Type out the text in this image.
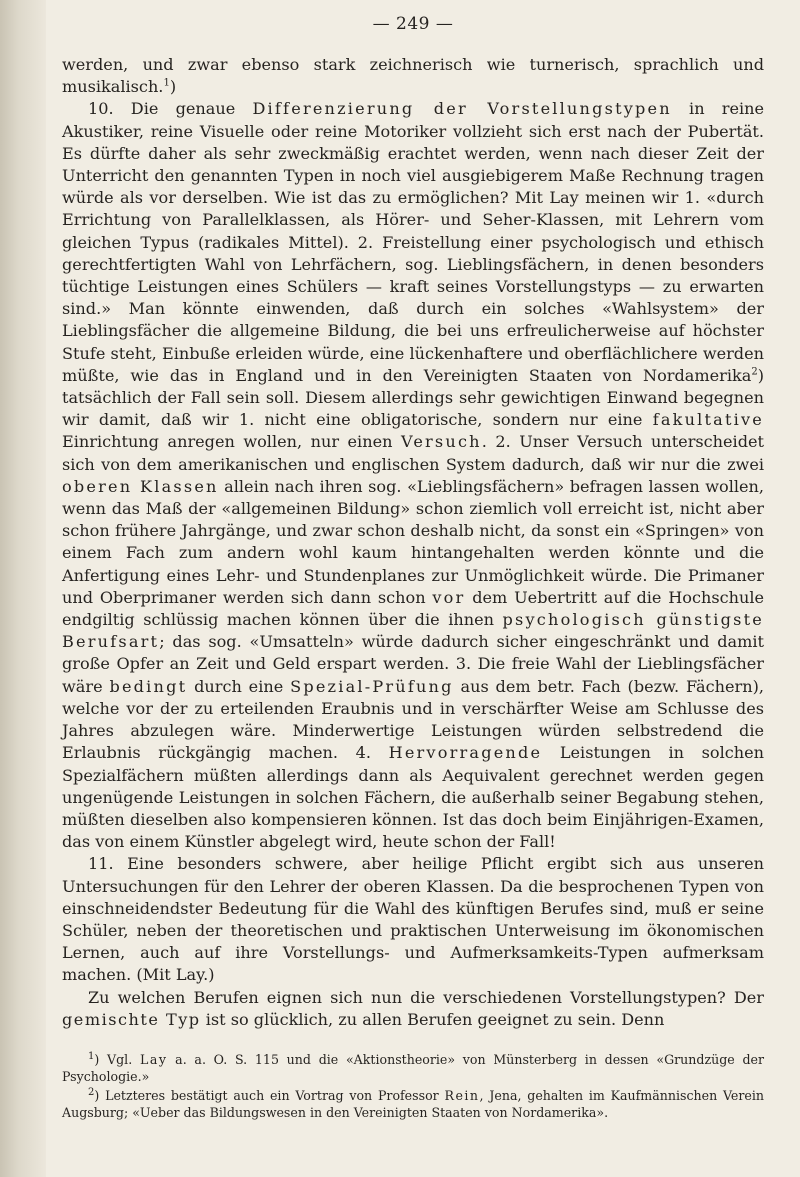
— 249 —

werden, und zwar ebenso stark zeichnerisch wie turnerisch, sprachlich und musikalisch.$^1$)

10. Die genaue Differenzierung der Vorstellungstypen in reine Akustiker, reine Visuelle oder reine Motoriker vollzieht sich erst nach der Pubertät. Es dürfte daher als sehr zweckmäßig erachtet werden, wenn nach dieser Zeit der Unterricht den genannten Typen in noch viel ausgiebigerem Maße Rechnung tragen würde als vor derselben. Wie ist das zu ermöglichen? Mit Lay meinen wir 1. «durch Errichtung von Parallelklassen, als Hörer- und Seher-Klassen, mit Lehrern vom gleichen Typus (radikales Mittel). 2. Freistellung einer psychologisch und ethisch gerechtfertigten Wahl von Lehrfächern, sog. Lieblingsfächern, in denen besonders tüchtige Leistungen eines Schülers — kraft seines Vorstellungstyps — zu erwarten sind.» Man könnte einwenden, daß durch ein solches «Wahlsystem» der Lieblingsfächer die allgemeine Bildung, die bei uns erfreulicherweise auf höchster Stufe steht, Einbuße erleiden würde, eine lückenhaftere und oberflächlichere werden müßte, wie das in England und in den Vereinigten Staaten von Nordamerika$^2$) tatsächlich der Fall sein soll. Diesem allerdings sehr gewichtigen Einwand begegnen wir damit, daß wir 1. nicht eine obligatorische, sondern nur eine fakultative Einrichtung anregen wollen, nur einen Versuch. 2. Unser Versuch unterscheidet sich von dem amerikanischen und englischen System dadurch, daß wir nur die zwei oberen Klassen allein nach ihren sog. «Lieblingsfächern» befragen lassen wollen, wenn das Maß der «allgemeinen Bildung» schon ziemlich voll erreicht ist, nicht aber schon frühere Jahrgänge, und zwar schon deshalb nicht, da sonst ein «Springen» von einem Fach zum andern wohl kaum hintangehalten werden könnte und die Anfertigung eines Lehr- und Stundenplanes zur Unmöglichkeit würde. Die Primaner und Oberprimaner werden sich dann schon vor dem Uebertritt auf die Hochschule endgiltig schlüssig machen können über die ihnen psychologisch günstigste Berufsart; das sog. «Umsatteln» würde dadurch sicher eingeschränkt und damit große Opfer an Zeit und Geld erspart werden. 3. Die freie Wahl der Lieblingsfächer wäre bedingt durch eine Spezial-Prüfung aus dem betr. Fach (bezw. Fächern), welche vor der zu erteilenden Eraubnis und in verschärfter Weise am Schlusse des Jahres abzulegen wäre. Minderwertige Leistungen würden selbstredend die Erlaubnis rückgängig machen. 4. Hervorragende Leistungen in solchen Spezialfächern müßten allerdings dann als Aequivalent gerechnet werden gegen ungenügende Leistungen in solchen Fächern, die außerhalb seiner Begabung stehen, müßten dieselben also kompensieren können. Ist das doch beim Einjährigen-Examen, das von einem Künstler abgelegt wird, heute schon der Fall!

11. Eine besonders schwere, aber heilige Pflicht ergibt sich aus unseren Untersuchungen für den Lehrer der oberen Klassen. Da die besprochenen Typen von einschneidendster Bedeutung für die Wahl des künftigen Berufes sind, muß er seine Schüler, neben der theoretischen und praktischen Unterweisung im ökonomischen Lernen, auch auf ihre Vorstellungs- und Aufmerksamkeits-Typen aufmerksam machen. (Mit Lay.)

Zu welchen Berufen eignen sich nun die verschiedenen Vorstellungstypen? Der gemischte Typ ist so glücklich, zu allen Berufen geeignet zu sein. Denn

$^1$) Vgl. Lay a. a. O. S. 115 und die «Aktionstheorie» von Münsterberg in dessen «Grundzüge der Psychologie.»

$^2$) Letzteres bestätigt auch ein Vortrag von Professor Rein, Jena, gehalten im Kaufmännischen Verein Augsburg; «Ueber das Bildungswesen in den Vereinigten Staaten von Nordamerika».
